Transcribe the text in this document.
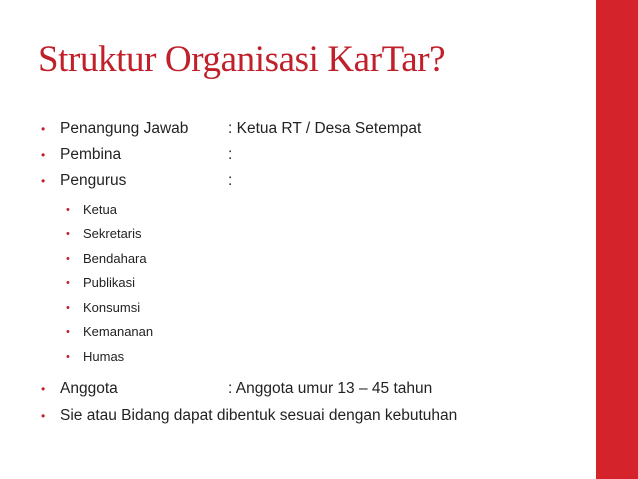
Struktur Organisasi KarTar?
• Penangung Jawab	: Ketua RT / Desa Setempat
• Pembina	:
• Pengurus	:
• Ketua
• Sekretaris
• Bendahara
• Publikasi
• Konsumsi
• Kemananan
• Humas
• Anggota	: Anggota umur 13 – 45 tahun
• Sie atau Bidang dapat dibentuk sesuai dengan kebutuhan
